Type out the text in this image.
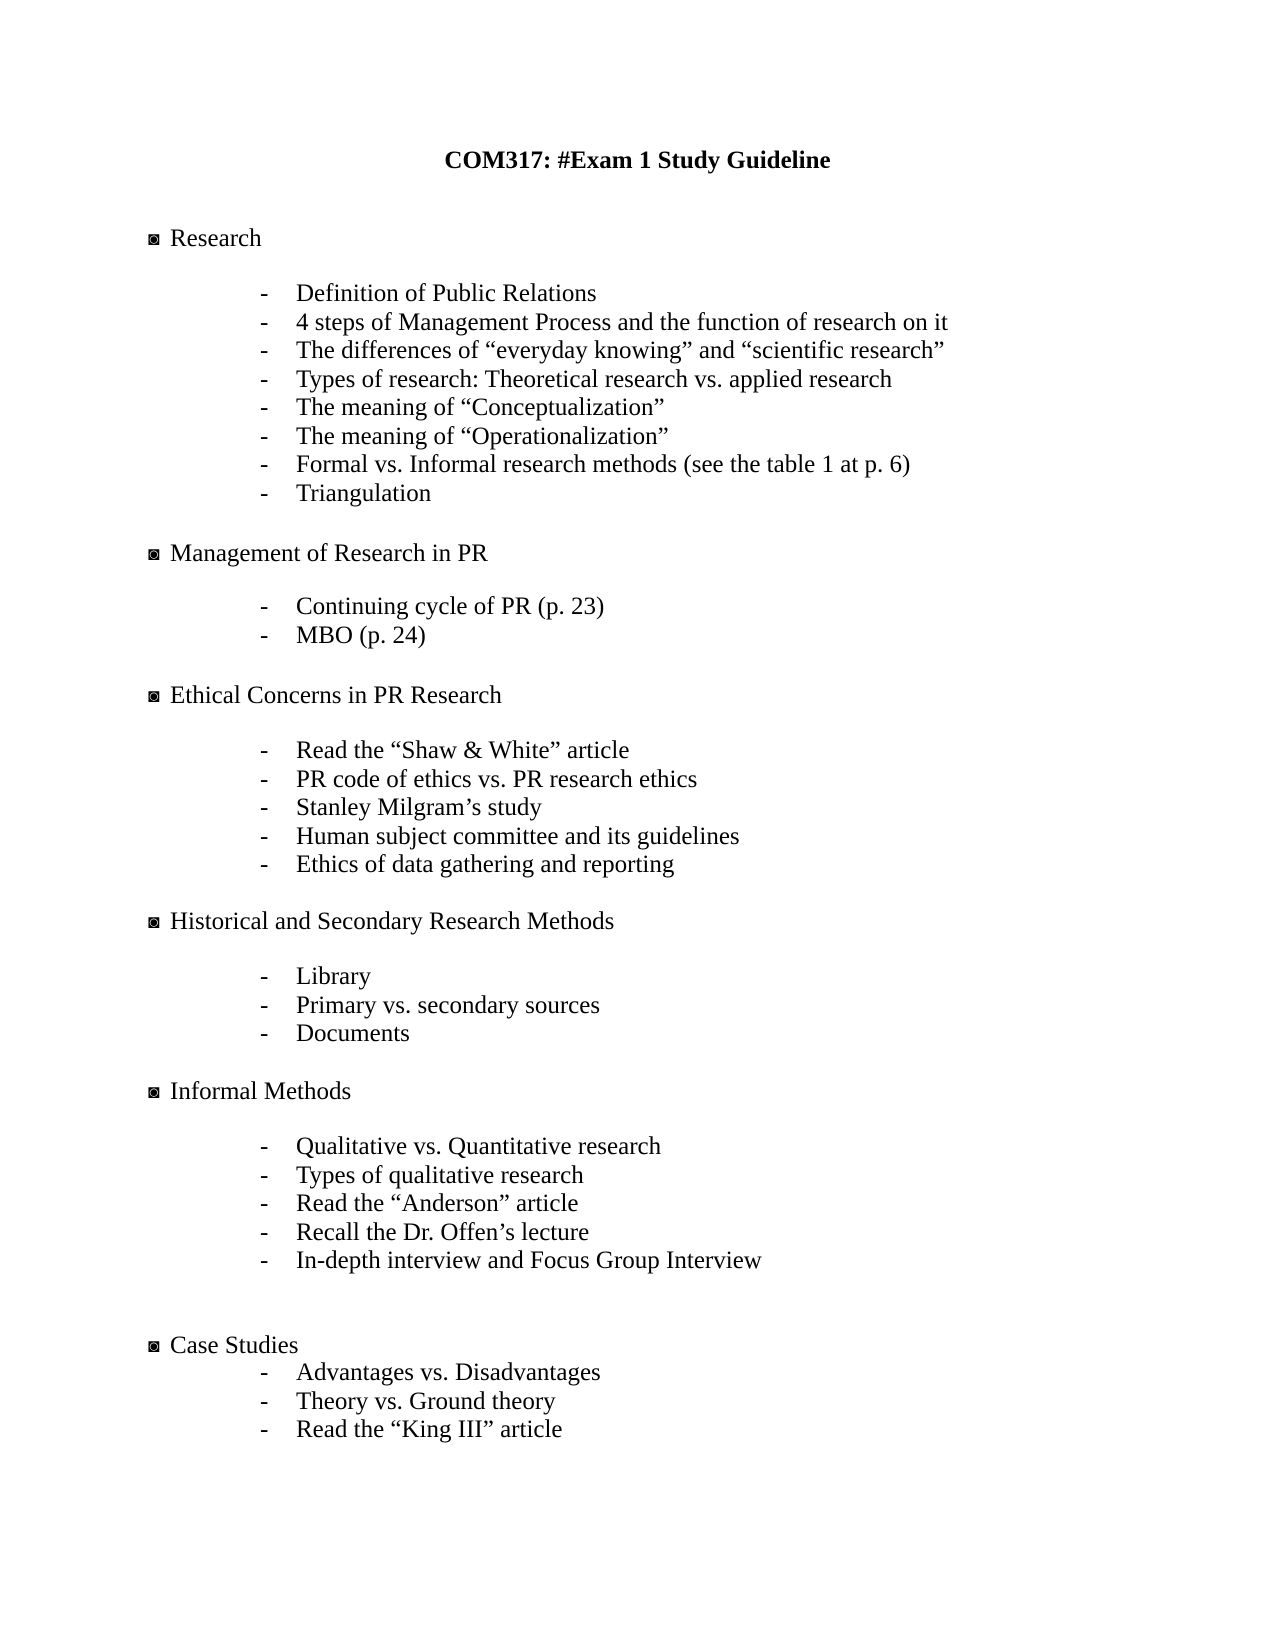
COM317: #Exam 1 Study Guideline
◙ Research
- Definition of Public Relations
- 4 steps of Management Process and the function of research on it
- The differences of “everyday knowing” and “scientific research”
- Types of research: Theoretical research vs. applied research
- The meaning of “Conceptualization”
- The meaning of “Operationalization”
- Formal vs. Informal research methods (see the table 1 at p. 6)
- Triangulation
◙ Management of Research in PR
- Continuing cycle of PR (p. 23)
- MBO (p. 24)
◙ Ethical Concerns in PR Research
- Read the “Shaw & White” article
- PR code of ethics vs. PR research ethics
- Stanley Milgram’s study
- Human subject committee and its guidelines
- Ethics of data gathering and reporting
◙ Historical and Secondary Research Methods
- Library
- Primary vs. secondary sources
- Documents
◙ Informal Methods
- Qualitative vs. Quantitative research
- Types of qualitative research
- Read the “Anderson” article
- Recall the Dr. Offen’s lecture
- In-depth interview and Focus Group Interview
◙ Case Studies
- Advantages vs. Disadvantages
- Theory vs. Ground theory
- Read the “King III” article
